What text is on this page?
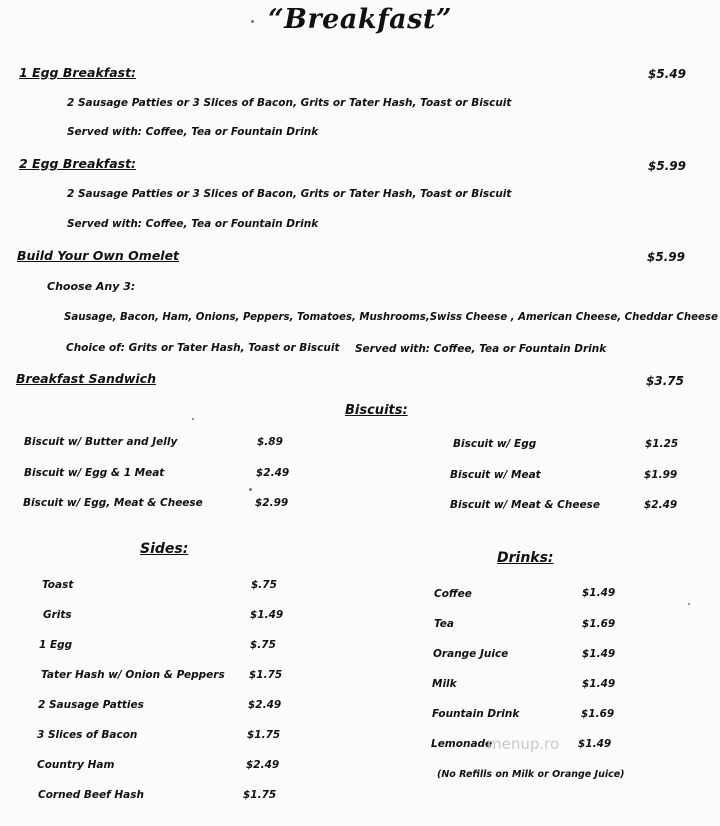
“Breakfast”
1 Egg Breakfast:	$5.49
2 Sausage Patties or 3 Slices of Bacon, Grits or Tater Hash, Toast or Biscuit
Served with: Coffee, Tea or Fountain Drink
2 Egg Breakfast:	$5.99
2 Sausage Patties or 3 Slices of Bacon, Grits or Tater Hash, Toast or Biscuit
Served with: Coffee, Tea or Fountain Drink
Build Your Own Omelet	$5.99
Choose Any 3:
Sausage, Bacon, Ham, Onions, Peppers, Tomatoes, Mushrooms,Swiss Cheese , American Cheese, Cheddar Cheese
Choice of: Grits or Tater Hash, Toast or Biscuit Served with: Coffee, Tea or Fountain Drink
Breakfast Sandwich	$3.75
Biscuits:
Biscuit w/ Butter and Jelly	$.89
Biscuit w/ Egg & 1 Meat	$2.49
Biscuit w/ Egg, Meat & Cheese	$2.99
Biscuit w/ Egg	$1.25
Biscuit w/ Meat	$1.99
Biscuit w/ Meat & Cheese	$2.49
Sides:
Toast	$.75
Grits	$1.49
1 Egg	$.75
Tater Hash w/ Onion & Peppers $1.75
2 Sausage Patties	$2.49
3 Slices of Bacon	$1.75
Country Ham	$2.49
Corned Beef Hash	$1.75
Drinks:
Coffee	$1.49
Tea	$1.69
Orange Juice	$1.49
Milk	$1.49
Fountain Drink	$1.69
Lemonade	$1.49
(No Refills on Milk or Orange Juice)
menup.ro
